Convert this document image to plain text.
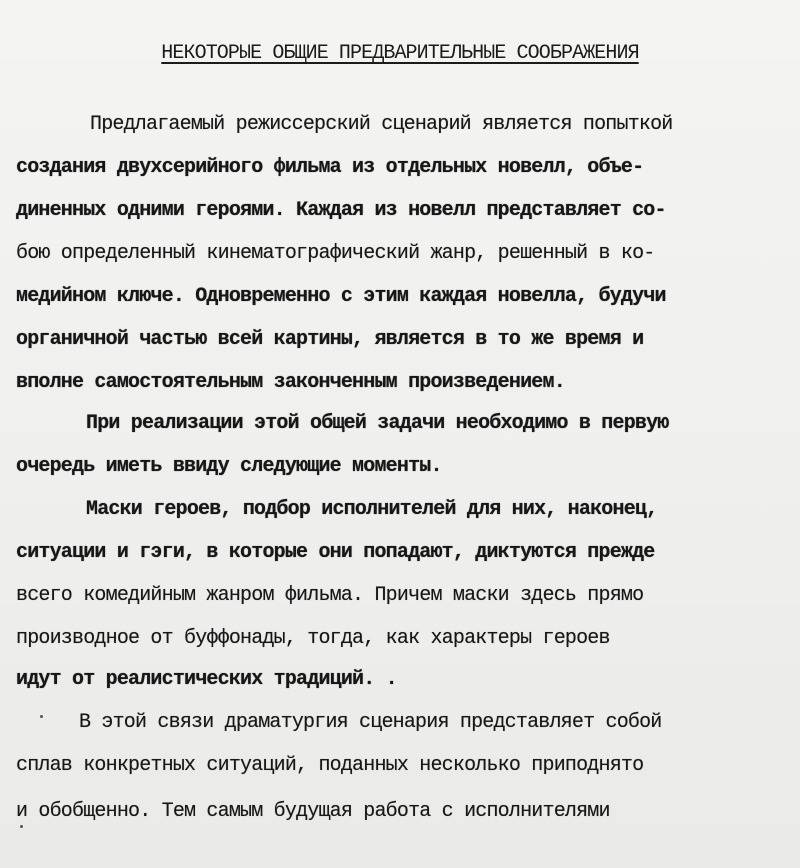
НЕКОТОРЫЕ ОБЩИЕ ПРЕДВАРИТЕЛЬНЫЕ СООБРАЖЕНИЯ
Предлагаемый режиссерский сценарий является попыткой
создания двухсерийного фильма из отдельных новелл, объе-
диненных одними героями. Каждая из новелл представляет со-
бою определенный кинематографический жанр, решенный в ко-
медийном ключе. Одновременно с этим каждая новелла, будучи
органичной частью всей картины, является в то же время и
вполне самостоятельным законченным произведением.
При реализации этой общей задачи необходимо в первую
очередь иметь ввиду следующие моменты.
Маски героев, подбор исполнителей для них, наконец,
ситуации и гэги, в которые они попадают, диктуются прежде
всего комедийным жанром фильма. Причем маски здесь прямо
производное от буффонады, тогда, как характеры героев
идут от реалистических традиций. .
В этой связи драматургия сценария представляет собой
сплав конкретных ситуаций, поданных несколько приподнято
и обобщенно. Тем самым будущая работа с исполнителями
